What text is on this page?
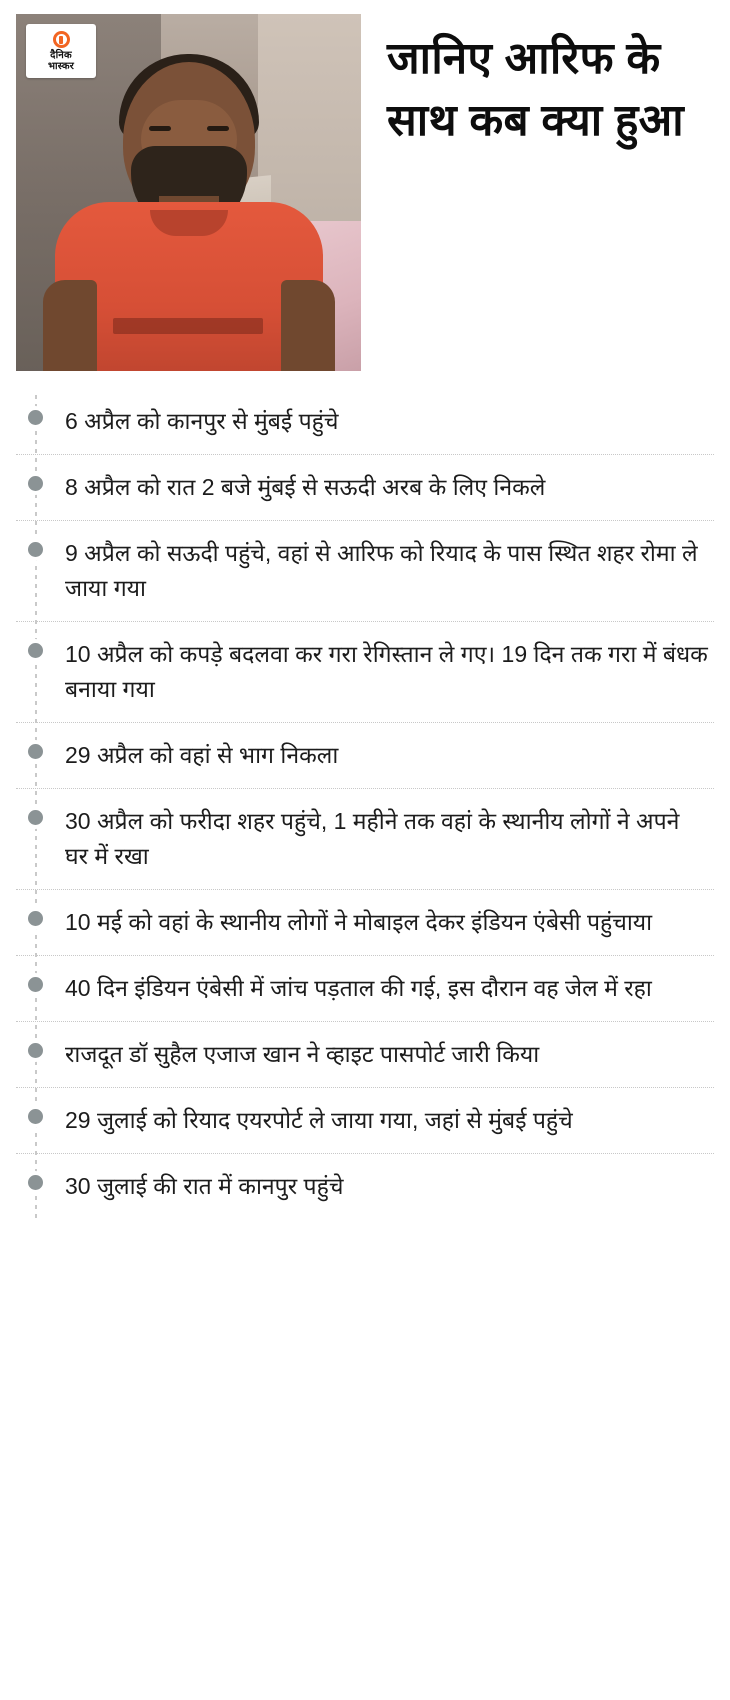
दैनिक
भास्कर	जानिए आरिफ के साथ कब क्या हुआ
6 अप्रैल को कानपुर से मुंबई पहुंचे
8 अप्रैल को रात 2 बजे मुंबई से सऊदी अरब के लिए निकले
9 अप्रैल को सऊदी पहुंचे, वहां से आरिफ को रियाद के पास स्थित शहर रोमा ले जाया गया
10 अप्रैल को कपड़े बदलवा कर गरा रेगिस्तान ले गए। 19 दिन तक गरा में बंधक बनाया गया
29 अप्रैल को वहां से भाग निकला
30 अप्रैल को फरीदा शहर पहुंचे, 1 महीने तक वहां के स्थानीय लोगों ने अपने घर में रखा
10 मई को वहां के स्थानीय लोगों ने मोबाइल देकर इंडियन एंबेसी पहुंचाया
40 दिन इंडियन एंबेसी में जांच पड़ताल की गई, इस दौरान वह जेल में रहा
राजदूत डॉ सुहैल एजाज खान ने व्हाइट पासपोर्ट जारी किया
29 जुलाई को रियाद एयरपोर्ट ले जाया गया, जहां से मुंबई पहुंचे
30 जुलाई की रात में कानपुर पहुंचे
